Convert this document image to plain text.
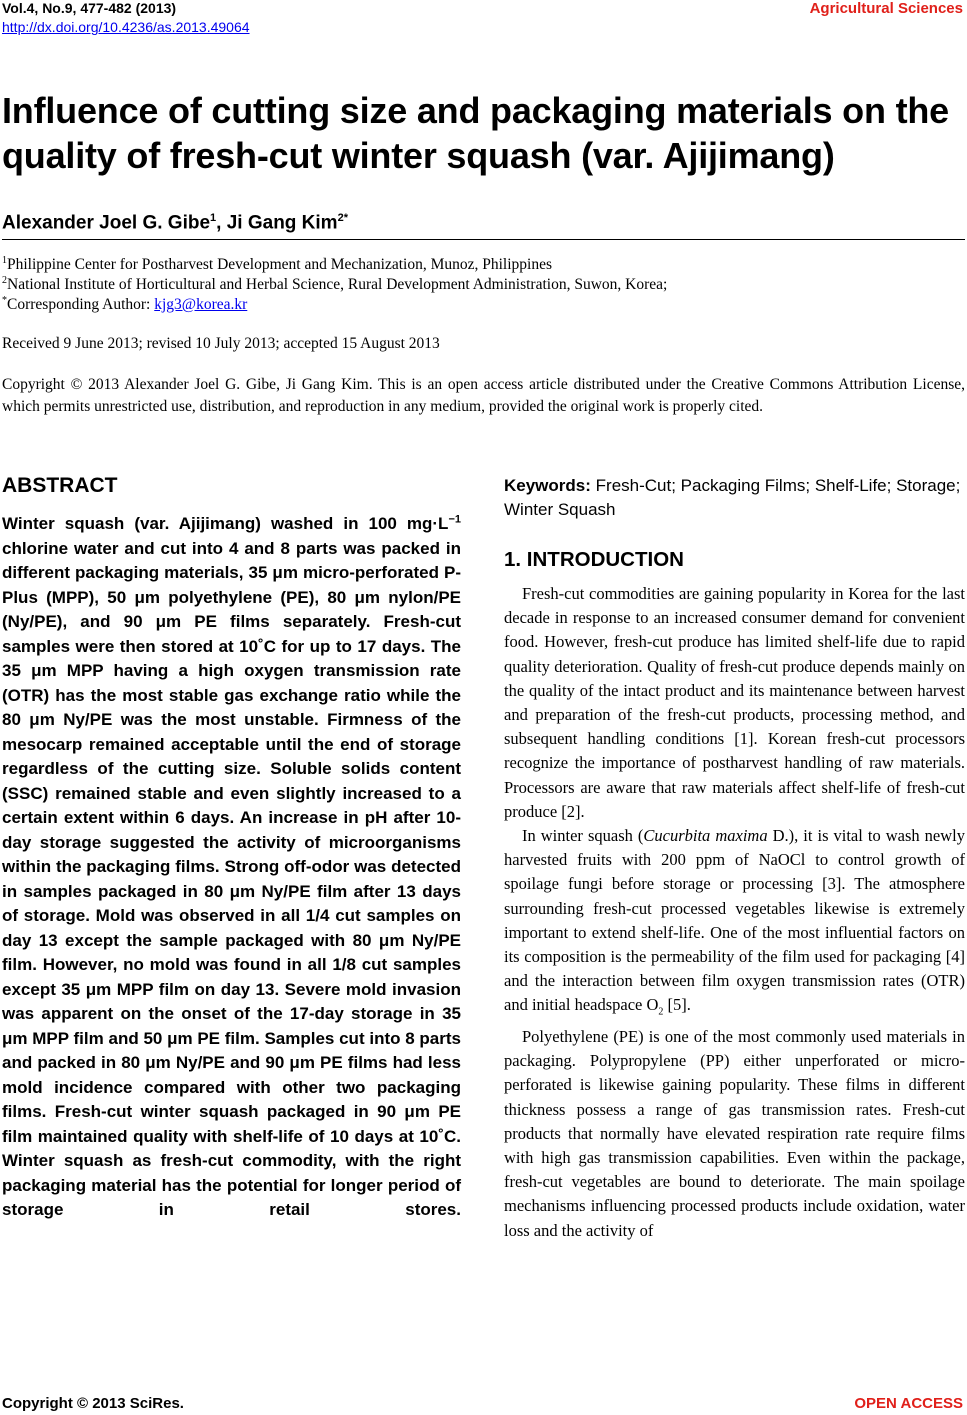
Vol.4, No.9, 477-482 (2013)
http://dx.doi.org/10.4236/as.2013.49064
Agricultural Sciences
Influence of cutting size and packaging materials on the quality of fresh-cut winter squash (var. Ajijimang)
Alexander Joel G. Gibe$^1$, Ji Gang Kim$^{2*}$
$^1$Philippine Center for Postharvest Development and Mechanization, Munoz, Philippines
$^2$National Institute of Horticultural and Herbal Science, Rural Development Administration, Suwon, Korea;
*Corresponding Author: kjg3@korea.kr
Received 9 June 2013; revised 10 July 2013; accepted 15 August 2013
Copyright © 2013 Alexander Joel G. Gibe, Ji Gang Kim. This is an open access article distributed under the Creative Commons Attribution License, which permits unrestricted use, distribution, and reproduction in any medium, provided the original work is properly cited.
ABSTRACT

Winter squash (var. Ajijimang) washed in 100 $mg\cdot L^{-1}$ chlorine water and cut into 4 and 8 parts was packed in different packaging materials, 35 μm micro-perforated P-Plus (MPP), 50 μm polyethylene (PE), 80 μm nylon/PE (Ny/PE), and 90 μm PE films separately. Fresh-cut samples were then stored at 10˚C for up to 17 days. The 35 μm MPP having a high oxygen transmission rate (OTR) has the most stable gas exchange ratio while the 80 μm Ny/PE was the most unstable. Firmness of the mesocarp remained acceptable until the end of storage regardless of the cutting size. Soluble solids content (SSC) remained stable and even slightly increased to a certain extent within 6 days. An increase in pH after 10-day storage suggested the activity of microorganisms within the packaging films. Strong off-odor was detected in samples packaged in 80 μm Ny/PE film after 13 days of storage. Mold was observed in all 1/4 cut samples on day 13 except the sample packaged with 80 μm Ny/PE film. However, no mold was found in all 1/8 cut samples except 35 μm MPP film on day 13. Severe mold invasion was apparent on the onset of the 17-day storage in 35 μm MPP film and 50 μm PE film. Samples cut into 8 parts and packed in 80 μm Ny/PE and 90 μm PE films had less mold incidence compared with other two packaging films. Fresh-cut winter squash packaged in 90 μm PE film maintained quality with shelf-life of 10 days at 10˚C. Winter squash as fresh-cut commodity, with the right packaging material has the potential for longer period of storage in retail stores.

Keywords: Fresh-Cut; Packaging Films; Shelf-Life; Storage; Winter Squash

1. INTRODUCTION

Fresh-cut commodities are gaining popularity in Korea for the last decade in response to an increased consumer demand for convenient food. However, fresh-cut produce has limited shelf-life due to rapid quality deterioration. Quality of fresh-cut produce depends mainly on the quality of the intact product and its maintenance between harvest and preparation of the fresh-cut products, processing method, and subsequent handling conditions [1]. Korean fresh-cut processors recognize the importance of postharvest handling of raw materials. Processors are aware that raw materials affect shelf-life of fresh-cut produce [2].

In winter squash (Cucurbita maxima D.), it is vital to wash newly harvested fruits with 200 ppm of NaOCl to control growth of spoilage fungi before storage or processing [3]. The atmosphere surrounding fresh-cut processed vegetables likewise is extremely important to extend shelf-life. One of the most influential factors on its composition is the permeability of the film used for packaging [4] and the interaction between film oxygen transmission rates (OTR) and initial headspace $O_2$ [5].

Polyethylene (PE) is one of the most commonly used materials in packaging. Polypropylene (PP) either unperforated or micro-perforated is likewise gaining popularity. These films in different thickness possess a range of gas transmission rates. Fresh-cut products that normally have elevated respiration rate require films with high gas transmission capabilities. Even within the package, fresh-cut vegetables are bound to deteriorate. The main spoilage mechanisms influencing processed products include oxidation, water loss and the activity of

Copyright © 2013 SciRes.	OPEN ACCESS
